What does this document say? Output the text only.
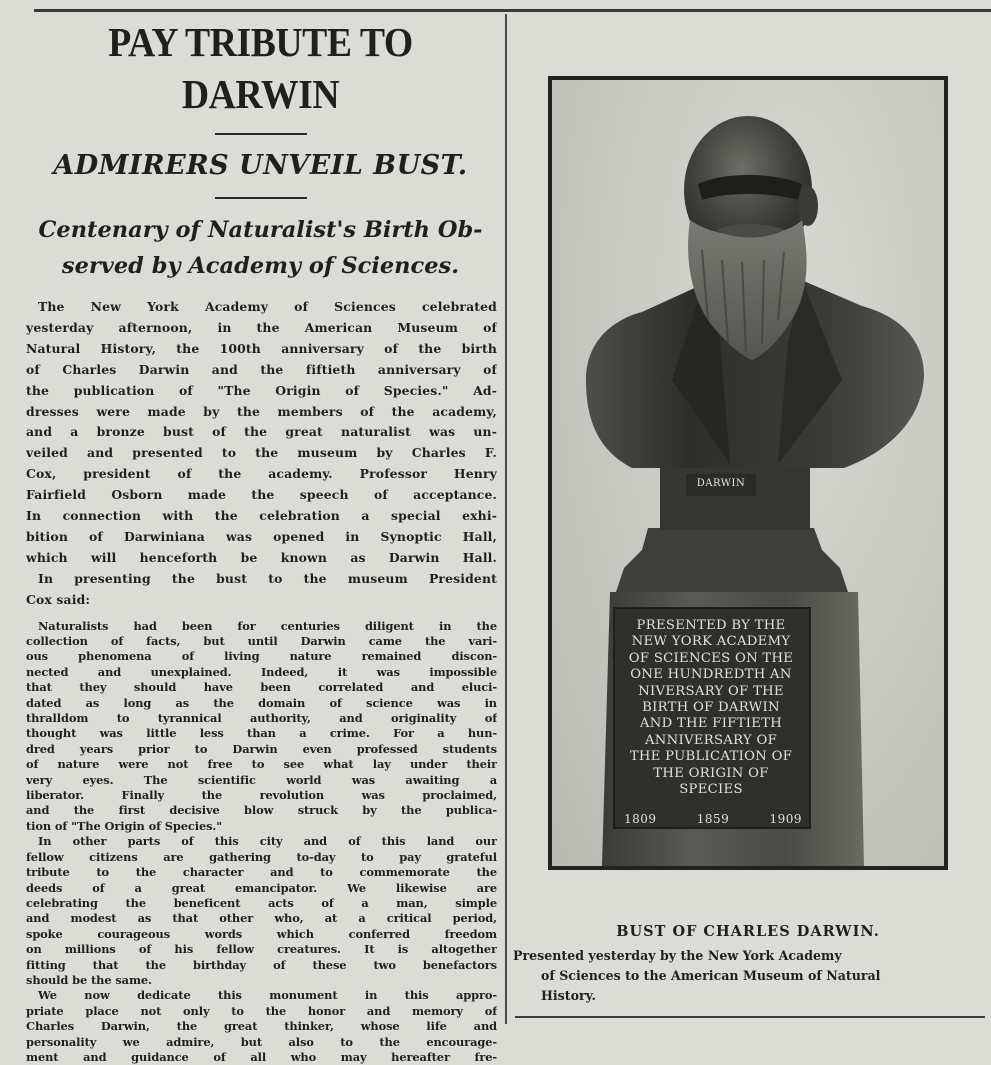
PAY TRIBUTE TO DARWIN
ADMIRERS UNVEIL BUST.

Centenary of Naturalist's Birth Ob-

served by Academy of Sciences.

The New York Academy of Sciences celebrated
yesterday afternoon, in the American Museum of
Natural History, the 100th anniversary of the birth
of Charles Darwin and the fiftieth anniversary of
the publication of "The Origin of Species." Ad-
dresses were made by the members of the academy,
and a bronze bust of the great naturalist was un-
veiled and presented to the museum by Charles F.
Cox, president of the academy. Professor Henry
Fairfield Osborn made the speech of acceptance.
In connection with the celebration a special exhi-
bition of Darwiniana was opened in Synoptic Hall,
which will henceforth be known as Darwin Hall.
In presenting the bust to the museum President
Cox said:
Naturalists had been for centuries diligent in the
collection of facts, but until Darwin came the vari-
ous phenomena of living nature remained discon-
nected and unexplained. Indeed, it was impossible
that they should have been correlated and eluci-
dated as long as the domain of science was in
thralldom to tyrannical authority, and originality of
thought was little less than a crime. For a hun-
dred years prior to Darwin even professed students
of nature were not free to see what lay under their
very eyes. The scientific world was awaiting a
liberator. Finally the revolution was proclaimed,
and the first decisive blow struck by the publica-
tion of "The Origin of Species."
In other parts of this city and of this land our
fellow citizens are gathering to-day to pay grateful
tribute to the character and to commemorate the
deeds of a great emancipator. We likewise are
celebrating the beneficent acts of a man, simple
and modest as that other who, at a critical period,
spoke courageous words which conferred freedom
on millions of his fellow creatures. It is altogether
fitting that the birthday of these two benefactors
should be the same.
We now dedicate this monument in this appro-
priate place not only to the honor and memory of
Charles Darwin, the great thinker, whose life and
personality we admire, but also to the encourage-
ment and guidance of all who may hereafter fre-
DARWIN
PRESENTED BY THE
NEW YORK ACADEMY
OF SCIENCES ON THE
ONE HUNDREDTH AN
NIVERSARY OF THE
BIRTH OF DARWIN
AND THE FIFTIETH
ANNIVERSARY OF
THE PUBLICATION OF
THE ORIGIN OF
SPECIES
1809	1859	1909
BUST OF CHARLES DARWIN.
Presented yesterday by the New York Academy
of Sciences to the American Museum of Natural
History.
